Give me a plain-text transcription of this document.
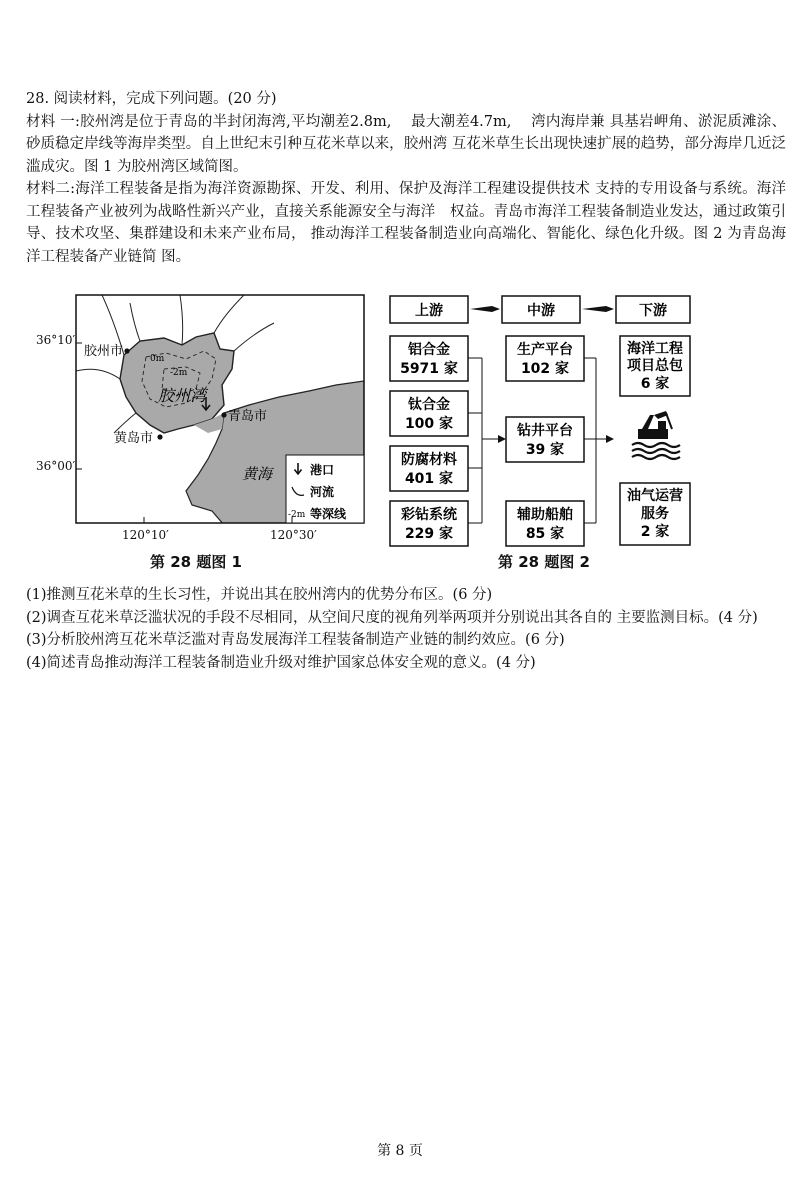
28. 阅读材料，完成下列问题。(20 分)

材料 一:胶州湾是位于青岛的半封闭海湾,平均潮差2.8m,　 最大潮差4.7m,　 湾内海岸兼 具基岩岬角、淤泥质滩涂、砂质稳定岸线等海岸类型。自上世纪末引种互花米草以来，胶州湾 互花米草生长出现快速扩展的趋势，部分海岸几近泛滥成灾。图 1 为胶州湾区域简图。

材料二:海洋工程装备是指为海洋资源勘探、开发、利用、保护及海洋工程建设提供技术 支持的专用设备与系统。海洋工程装备产业被列为战略性新兴产业，直接关系能源安全与海洋　权益。青岛市海洋工程装备制造业发达，通过政策引导、技术攻坚、集群建设和未来产业布局， 推动海洋工程装备制造业向高端化、智能化、绿色化升级。图 2 为青岛海洋工程装备产业链简 图。

胶州市
青岛市
黄岛市
胶州湾
黄海
0m
-2m
港口
河流
-2m 等深线
36°10′
36°00′
120°10′	120°30′
第 28 题图 1
上游	中游	下游
铝合金
5971 家
钛合金
100 家
防腐材料
401 家
彩钻系统
229 家
生产平台
102 家
钻井平台
39 家
辅助船舶
85 家
海洋工程
项目总包
6 家
油气运营
服务
2 家
第 28 题图 2

(1)推测互花米草的生长习性，并说出其在胶州湾内的优势分布区。(6 分)

(2)调查互花米草泛滥状况的手段不尽相同，从空间尺度的视角列举两项并分别说出其各自的 主要监测目标。(4 分)

(3)分析胶州湾互花米草泛滥对青岛发展海洋工程装备制造产业链的制约效应。(6 分)

(4)简述青岛推动海洋工程装备制造业升级对维护国家总体安全观的意义。(4 分)

第 8 页
